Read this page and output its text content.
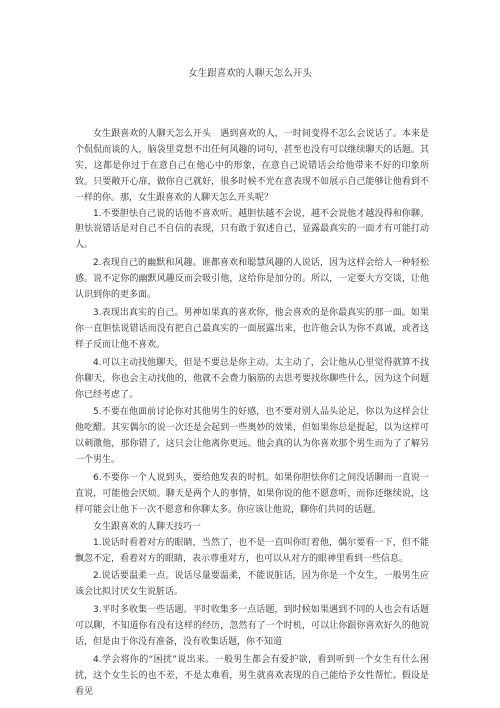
女生跟喜欢的人聊天怎么开头

女生跟喜欢的人聊天怎么开头　遇到喜欢的人，一时间变得不怎么会说话了。本来是个侃侃而谈的人，脑袋里竟想不出任何风趣的词句，甚至也没有可以继续聊天的话题。其实，这都是你过于在意自己在他心中的形象，在意自己说错话会给他带来不好的印象所致。只要敞开心扉，做你自己就好，很多时候不光在意表现不如展示自己能够让他看到不一样的你。那，女生跟喜欢的人聊天怎么开头呢？

1.不要胆怯自己说的话他不喜欢听。越胆怯越不会说，越不会说他才越没得和你聊。胆怯说错话是对自己不自信的表现，只有敢于叙述自己，显露最真实的一面才有可能打动人。

2.表现自己的幽默和风趣。谁都喜欢和聪慧风趣的人说话，因为这样会给人一种轻松感。说不定你的幽默风趣反而会吸引他，这给你是加分的。所以，一定要大方交谈，让他认识到你的更多面。

3.表现出真实的自己。男神如果真的喜欢你，他会喜欢的是你最真实的那一面。如果你一直胆怯说错话而没有把自己最真实的一面展露出来，也许他会认为你不真诚，或者这样子反而让他不喜欢。

4.可以主动找他聊天，但是不要总是你主动。太主动了，会让他从心里觉得就算不找你聊天，你也会主动找他的，他就不会费力脑筋的去思考要找你聊些什么，因为这个问题你已经考虑了。

5.不要在他面前讨论你对其他男生的好感，也不要对别人品头论足，你以为这样会让他吃醋。其实偶尔的说一次还是会起到一些奥妙的效果，但如果你总是提起，以为这样可以刺激他，那你错了，这只会让他离你更远。他会真的认为你喜欢那个男生而为了了解另一个男生。

6.不要你一个人说到头，要给他发表的时机。如果你胆怯你们之间没话聊而一直说一直说，可能他会厌烦。聊天是两个人的事情，如果你说的他不愿意听，而你还继续说，这样可能会让他下一次不愿意和你聊太多。你应该让他说，聊你们共同的话题。

女生跟喜欢的人聊天技巧一

1.说话时看着对方的眼睛，当然了，也不是一直叫你盯着他，偶尔要看一下，但不能飘忽不定，看着对方的眼睛，表示尊重对方，也可以从对方的眼神里看到一些信息。

2.说话要温柔一点。说话尽量要温柔，不能说脏话，因为你是一个女生，一般男生应该会比拟讨厌女生说脏话。

3.平时多收集一些话题。平时收集多一点话题，到时候如果遇到不同的人也会有话题可以聊，不知道你有没有这样的经历，忽然有了一个时机，可以让你跟你喜欢好久的他说话，但是由于你没有准备，没有收集话题，你不知道

4.学会将你的“困扰”说出来。一般男生都会有爱护欲，看到听到一个女生有什么困扰，这个女生长的也不差，不是太难看，男生就喜欢表现的自己能给予女性帮忙。假设是看见
